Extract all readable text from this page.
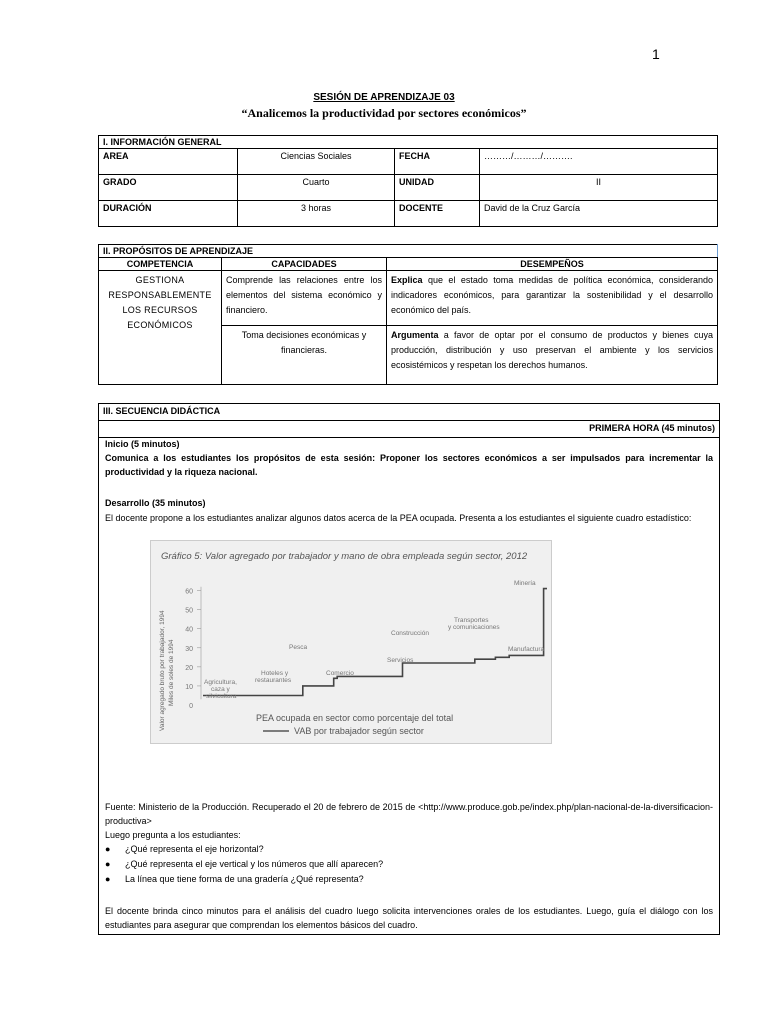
1
SESIÓN DE APRENDIZAJE 03
“Analicemos la productividad por sectores económicos”
I. INFORMACIÓN GENERAL			
AREA	Ciencias Sociales	FECHA	………/………/……….
GRADO	Cuarto	UNIDAD	II
DURACIÓN	3 horas	DOCENTE	David de la Cruz García
II. PROPÓSITOS DE APRENDIZAJE		
COMPETENCIA	CAPACIDADES	DESEMPEÑOS
GESTIONA RESPONSABLEMENTE LOS RECURSOS ECONÓMICOS	Comprende las relaciones entre los elementos del sistema económico y financiero.	Explica que el estado toma medidas de política económica, considerando indicadores económicos, para garantizar la sostenibilidad y el desarrollo económico del país.
	Toma decisiones económicas y financieras.	Argumenta a favor de optar por el consumo de productos y bienes cuya producción, distribución y uso preservan el ambiente y los servicios ecosistémicos y respetan los derechos humanos.
III. SECUENCIA DIDÁCTICA
PRIMERA HORA (45 minutos)
Inicio (5 minutos)
Comunica a los estudiantes los propósitos de esta sesión: Proponer los sectores económicos a ser impulsados para incrementar la productividad y la riqueza nacional.
Desarrollo (35 minutos)
El docente propone a los estudiantes analizar algunos datos acerca de la PEA ocupada. Presenta a los estudiantes el siguiente cuadro estadístico:
Fuente: Ministerio de la Producción. Recuperado el 20 de febrero de 2015 de <http://www.produce.gob.pe/index.php/plan-nacional-de-la-diversificacion-productiva>
Luego pregunta a los estudiantes:
● ¿Qué representa el eje horizontal?
● ¿Qué representa el eje vertical y los números que allí aparecen?
● La línea que tiene forma de una gradería ¿Qué representa?
El docente brinda cinco minutos para el análisis del cuadro luego solicita intervenciones orales de los estudiantes. Luego, guía el diálogo con los estudiantes para asegurar que comprendan los elementos básicos del cuadro.
Gráfico 5: Valor agregado por trabajador y mano de obra empleada según sector, 2012
Valor agregado bruto por trabajador, 1994 Miles de soles de 1994
PEA ocupada en sector como porcentaje del total
VAB por trabajador según sector
0
10
20
30
40
50
60
Agricultura,
caza y
silvicultura
Hoteles y
restaurantes
Pesca
Comercio
Servicios
Construcción
Transportes
y comunicaciones
Manufactura
Minería
